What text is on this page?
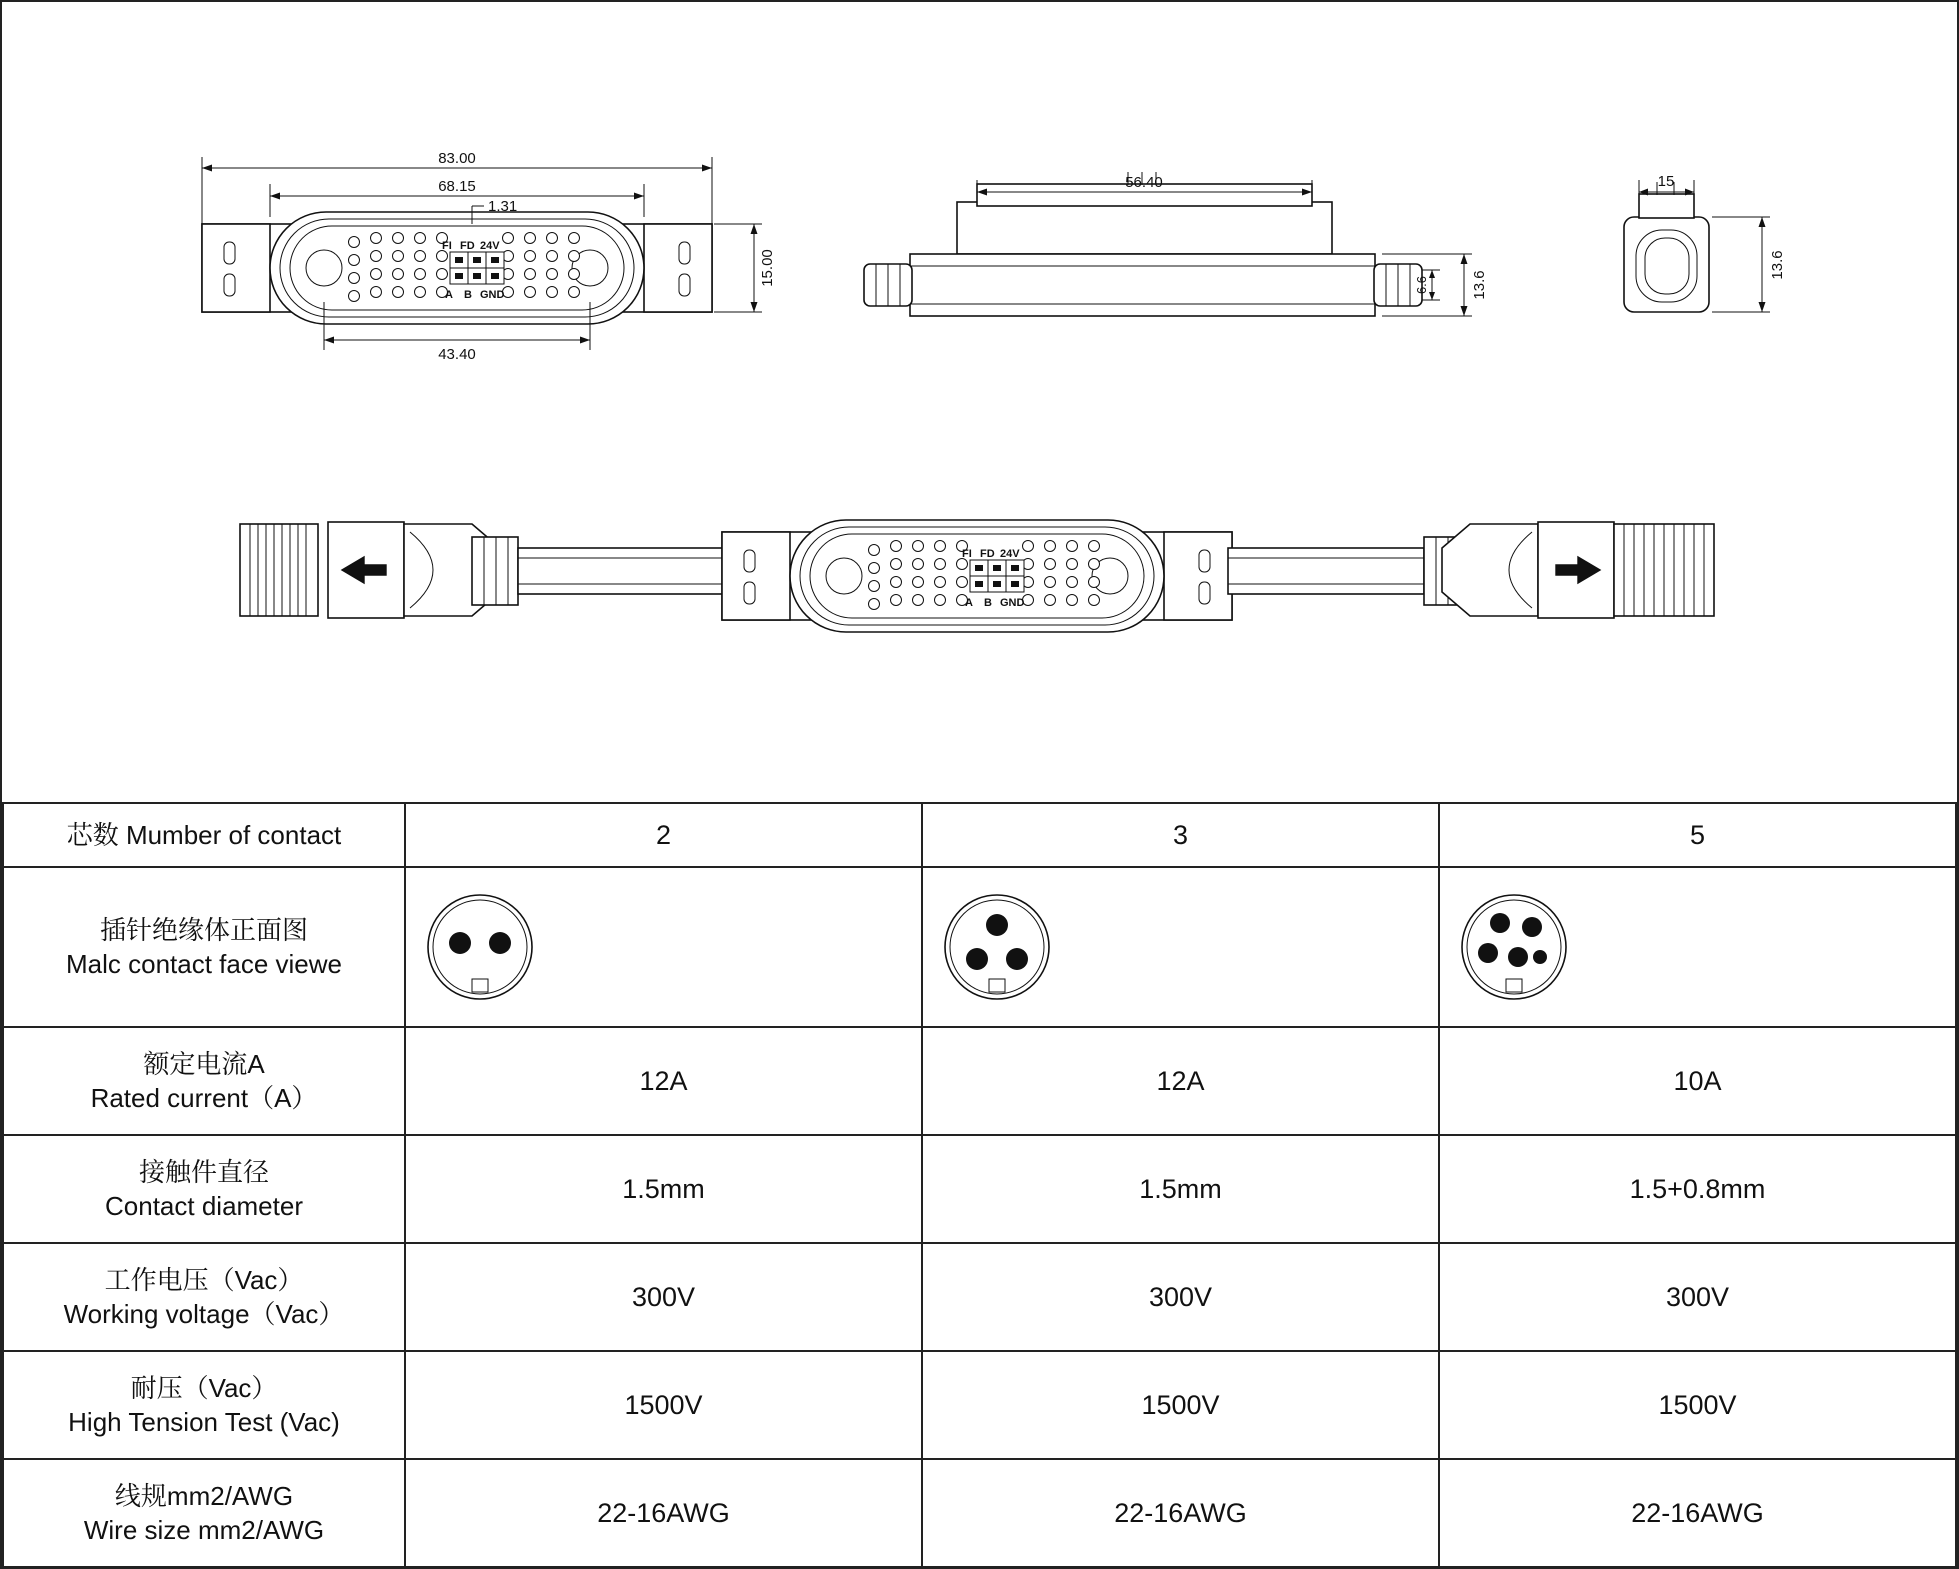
FI FD 24V
A B GND
83.00
68.15
1.31
43.40
15.00
56.40
13.6
6.6
15
13.6
FI FD 24V
A B GND
芯数 Mumber of contact	2	3	5

插针绝缘体正面图
Malc contact face viewe

额定电流A
Rated current（A）	12A	12A	10A

接触件直径
Contact diameter	1.5mm	1.5mm	1.5+0.8mm

工作电压（Vac）
Working voltage（Vac）	300V	300V	300V

耐压（Vac）
High Tension Test (Vac)	1500V	1500V	1500V

线规mm2/AWG
Wire size mm2/AWG	22-16AWG	22-16AWG	22-16AWG
